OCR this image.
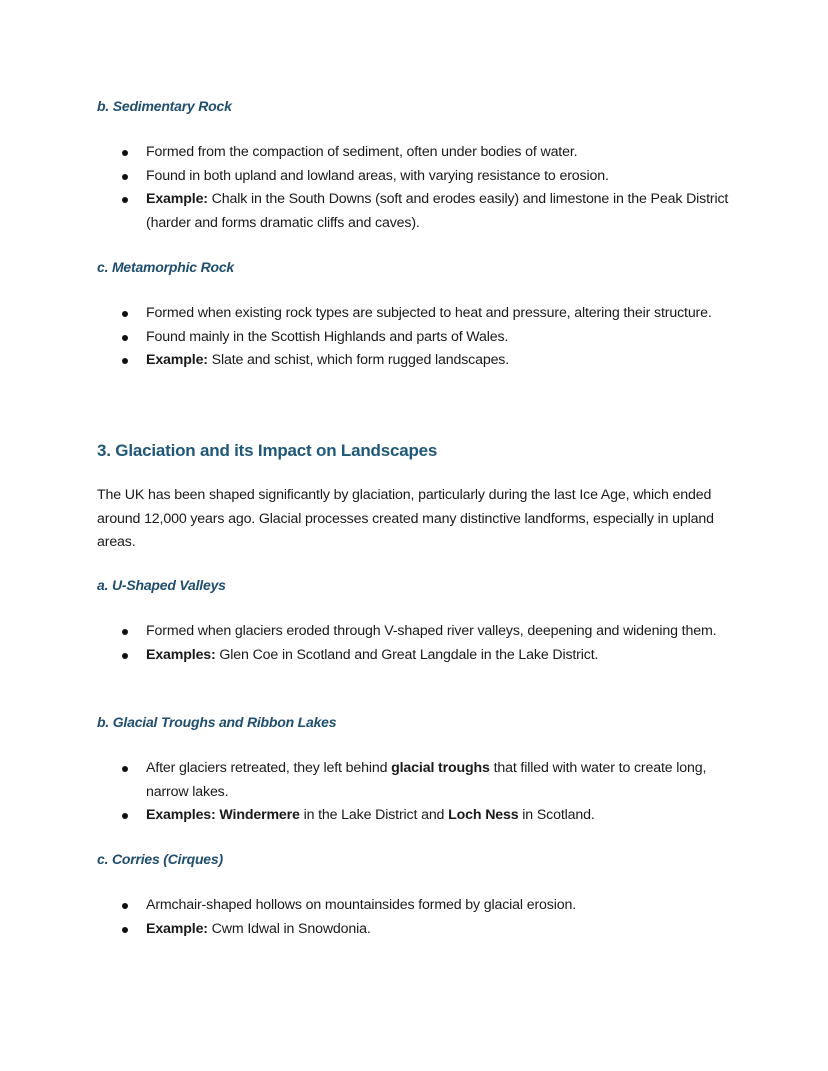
b. Sedimentary Rock
Formed from the compaction of sediment, often under bodies of water.
Found in both upland and lowland areas, with varying resistance to erosion.
Example: Chalk in the South Downs (soft and erodes easily) and limestone in the Peak District (harder and forms dramatic cliffs and caves).
c. Metamorphic Rock
Formed when existing rock types are subjected to heat and pressure, altering their structure.
Found mainly in the Scottish Highlands and parts of Wales.
Example: Slate and schist, which form rugged landscapes.
3. Glaciation and its Impact on Landscapes

The UK has been shaped significantly by glaciation, particularly during the last Ice Age, which ended around 12,000 years ago. Glacial processes created many distinctive landforms, especially in upland areas.

a. U-Shaped Valleys
Formed when glaciers eroded through V-shaped river valleys, deepening and widening them.
Examples: Glen Coe in Scotland and Great Langdale in the Lake District.
b. Glacial Troughs and Ribbon Lakes
After glaciers retreated, they left behind glacial troughs that filled with water to create long, narrow lakes.
Examples: Windermere in the Lake District and Loch Ness in Scotland.
c. Corries (Cirques)
Armchair-shaped hollows on mountainsides formed by glacial erosion.
Example: Cwm Idwal in Snowdonia.
